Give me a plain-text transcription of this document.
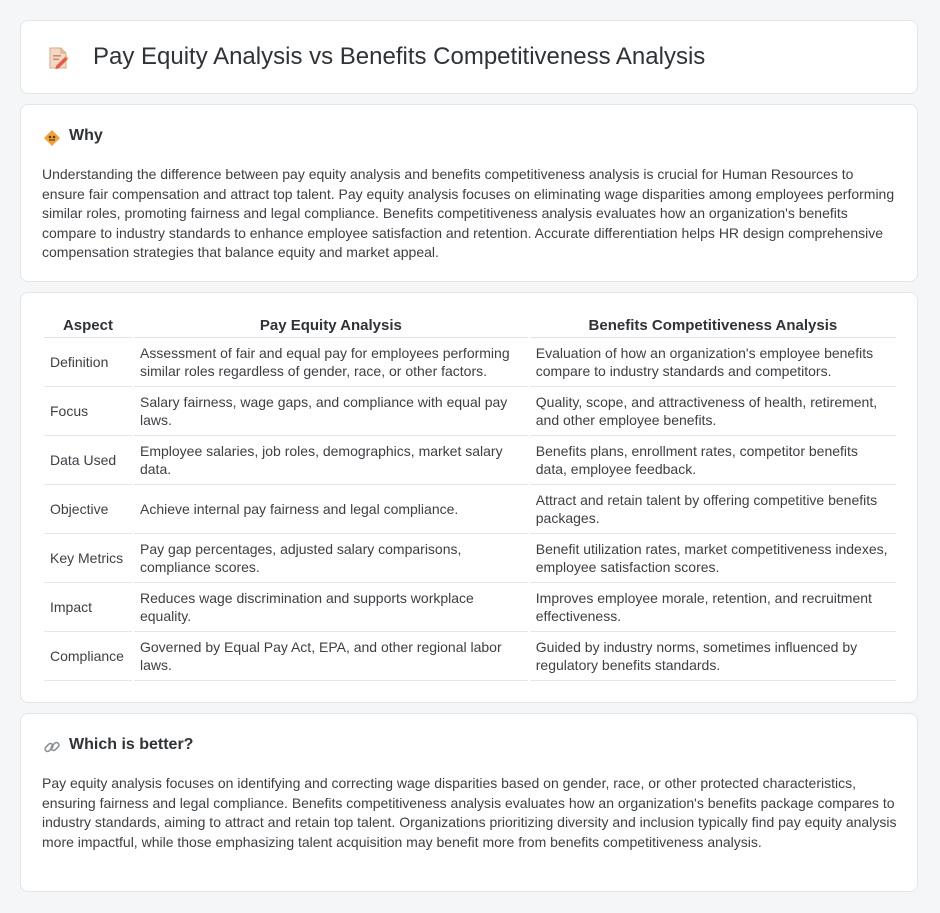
Pay Equity Analysis vs Benefits Competitiveness Analysis
Why

Understanding the difference between pay equity analysis and benefits competitiveness analysis is crucial for Human Resources to ensure fair compensation and attract top talent. Pay equity analysis focuses on eliminating wage disparities among employees performing similar roles, promoting fairness and legal compliance. Benefits competitiveness analysis evaluates how an organization's benefits compare to industry standards to enhance employee satisfaction and retention. Accurate differentiation helps HR design comprehensive compensation strategies that balance equity and market appeal.

Aspect	Pay Equity Analysis	Benefits Competitiveness Analysis
Definition	Assessment of fair and equal pay for employees performing similar roles regardless of gender, race, or other factors.	Evaluation of how an organization's employee benefits compare to industry standards and competitors.
Focus	Salary fairness, wage gaps, and compliance with equal pay laws.	Quality, scope, and attractiveness of health, retirement, and other employee benefits.
Data Used	Employee salaries, job roles, demographics, market salary data.	Benefits plans, enrollment rates, competitor benefits data, employee feedback.
Objective	Achieve internal pay fairness and legal compliance.	Attract and retain talent by offering competitive benefits packages.
Key Metrics	Pay gap percentages, adjusted salary comparisons, compliance scores.	Benefit utilization rates, market competitiveness indexes, employee satisfaction scores.
Impact	Reduces wage discrimination and supports workplace equality.	Improves employee morale, retention, and recruitment effectiveness.
Compliance	Governed by Equal Pay Act, EPA, and other regional labor laws.	Guided by industry norms, sometimes influenced by regulatory benefits standards.
Which is better?

Pay equity analysis focuses on identifying and correcting wage disparities based on gender, race, or other protected characteristics, ensuring fairness and legal compliance. Benefits competitiveness analysis evaluates how an organization's benefits package compares to industry standards, aiming to attract and retain top talent. Organizations prioritizing diversity and inclusion typically find pay equity analysis more impactful, while those emphasizing talent acquisition may benefit more from benefits competitiveness analysis.
